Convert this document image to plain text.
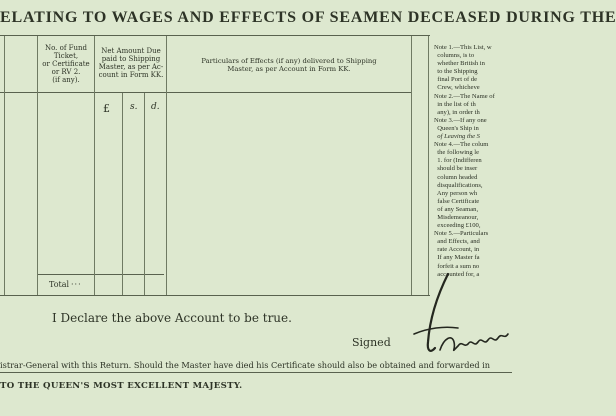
ELATING TO WAGES AND EFFECTS OF SEAMEN DECEASED DURING THE
No. of Fund
Ticket,
or Certificate
or RV 2.
(if any).
Net Amount Due
paid to Shipping
Master, as per Ac-
count in Form KK.
Particulars of Effects (if any) delivered to Shipping
Master, as per Account in Form KK.
£ s. d.
Total ···
Note 1.—This List, w
columns, is to
whether British in
to the Shipping
final Port of de
Crew, whicheve
Note 2.—The Name of
in the list of th
any), in order th
Note 3.—If any one
Queen's Ship in
of Leaving the S
Note 4.—The colum
the following le
1. for (Indifferen
should be inser
column headed
disqualifications,
Any person wh
false Certificate
of any Seaman,
Misdemeanour,
exceeding £100,
Note 5.—Particulars
and Effects, and
rate Account, in
If any Master fa
forfeit a sum no
accounted for, a
I Declare the above Account to be true.
Signed
istrar-General with this Return. Should the Master have died his Certificate should also be obtained and forwarded in
TO THE QUEEN'S MOST EXCELLENT MAJESTY.
